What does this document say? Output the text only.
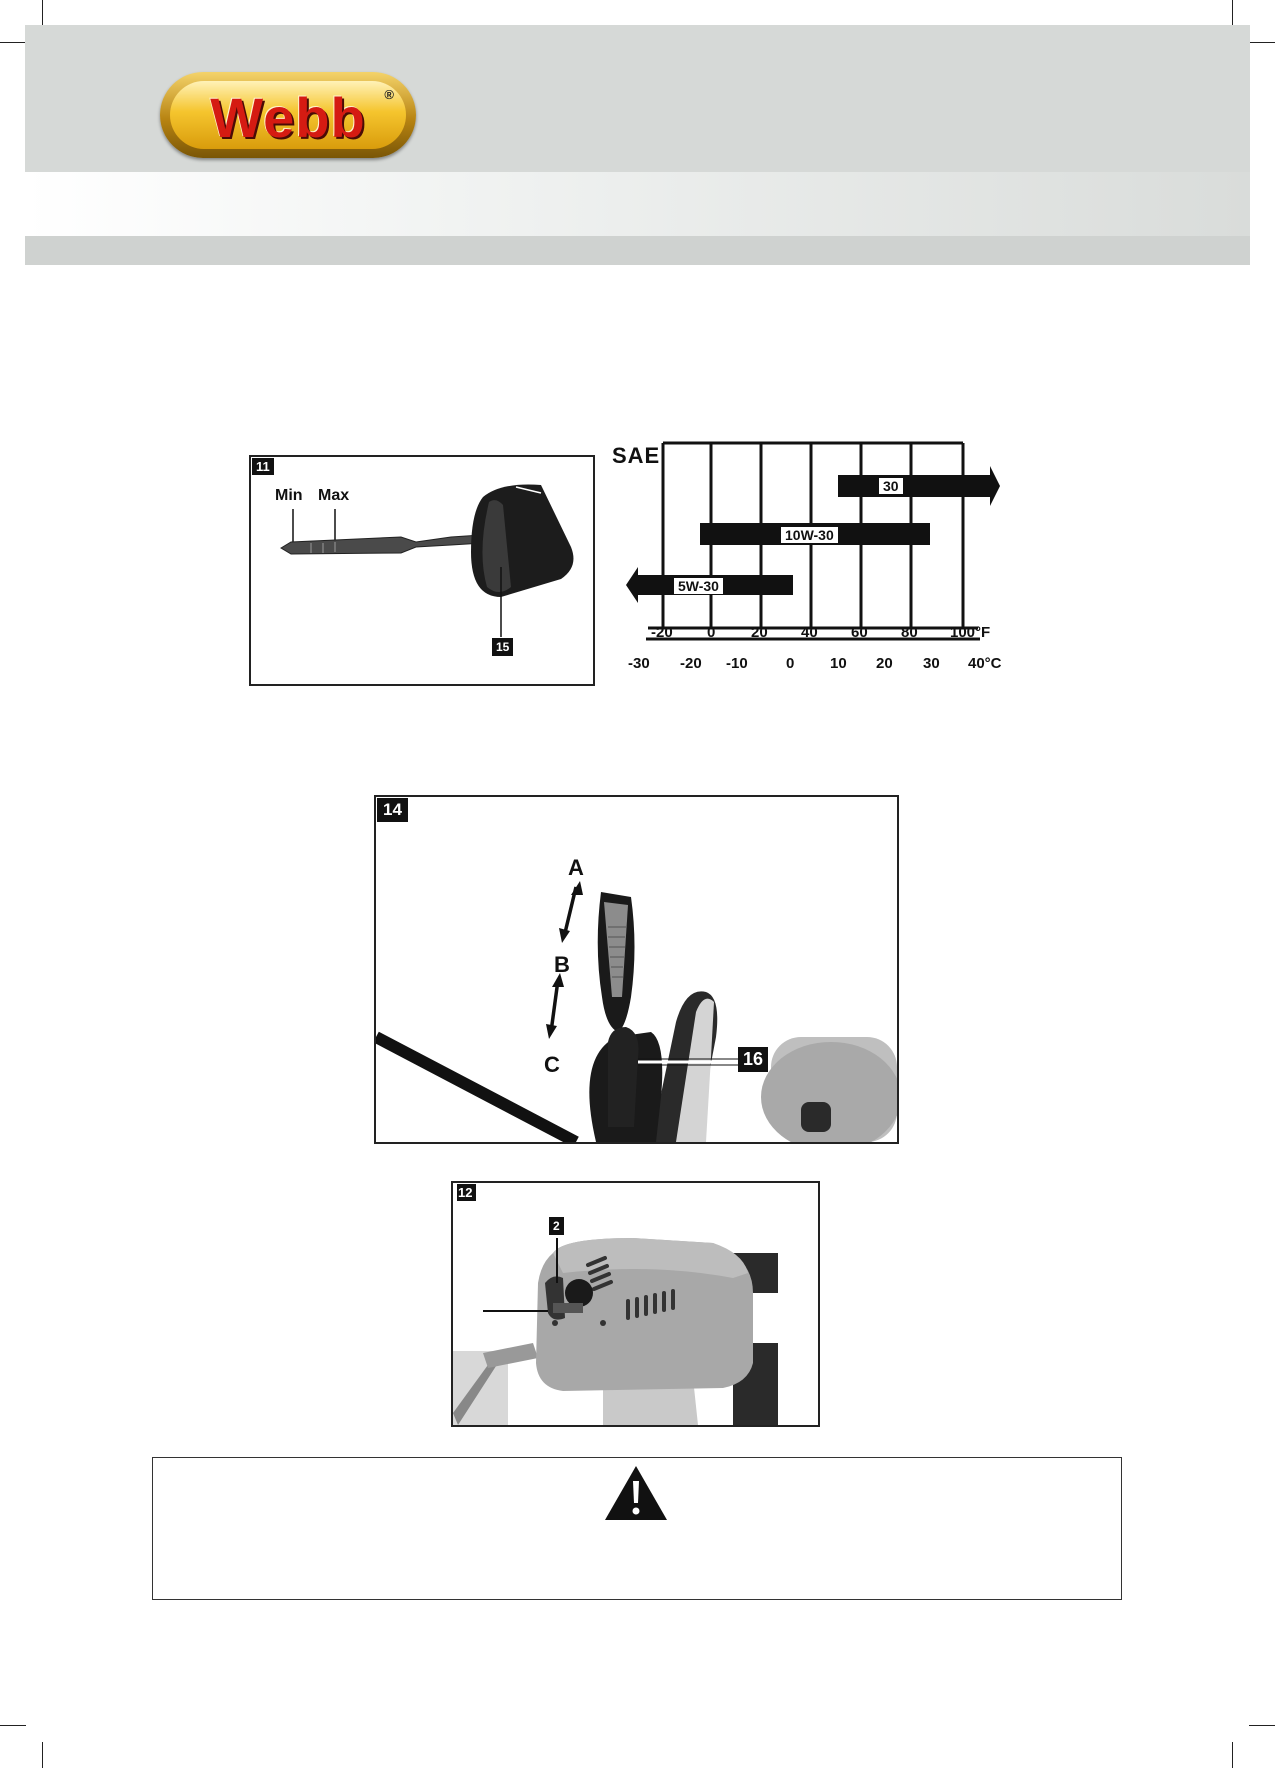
Webb	®
11
Min Max
15
SAE
30
10W-30
5W-30
-20 0 20 40 60 80 100°F
-30 -20 -10	0 10 20 30 40°C
14
A
B
C	16
12
2
